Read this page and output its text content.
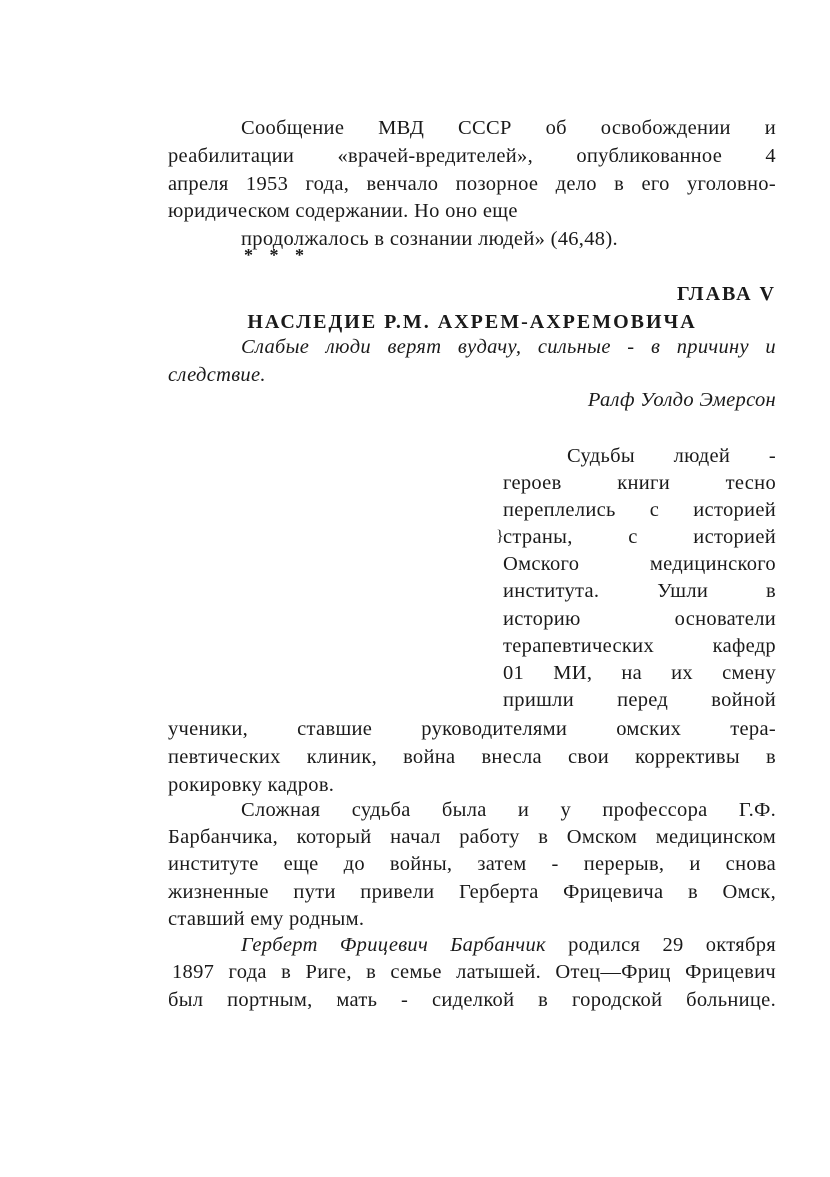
Сообщение МВД СССР об освобождении и
реабилитации «врачей-вредителей», опубликованное 4
апреля 1953 года, венчало позорное дело в его уголовно-
юридическом содержании. Но оно еще
продолжалось в сознании людей» (46,48).
* * *
ГЛАВА V
НАСЛЕДИЕ Р.М. АХРЕМ-АХРЕМОВИЧА
Слабые люди верят вудачу, сильные - в причину и
следствие.
Ралф Уолдо Эмерсон
Судьбы людей -
героев книги тесно
переплелись с историей
страны, с историей
Омского медицинского
института. Ушли в
историю основатели
терапевтических кафедр
01 МИ, на их смену
пришли перед войной
}
ученики, ставшие руководителями омских тера-
певтических клиник, война внесла свои коррективы в
рокировку кадров.
Сложная судьба была и у профессора Г.Ф.
Барбанчика, который начал работу в Омском медицинском
институте еще до войны, затем - перерыв, и снова
жизненные пути привели Герберта Фрицевича в Омск,
ставший ему родным.
Герберт Фрицевич Барбанчик родился 29 октября
1897 года в Риге, в семье латышей. Отец—Фриц Фрицевич
был портным, мать - сиделкой в городской больнице.
